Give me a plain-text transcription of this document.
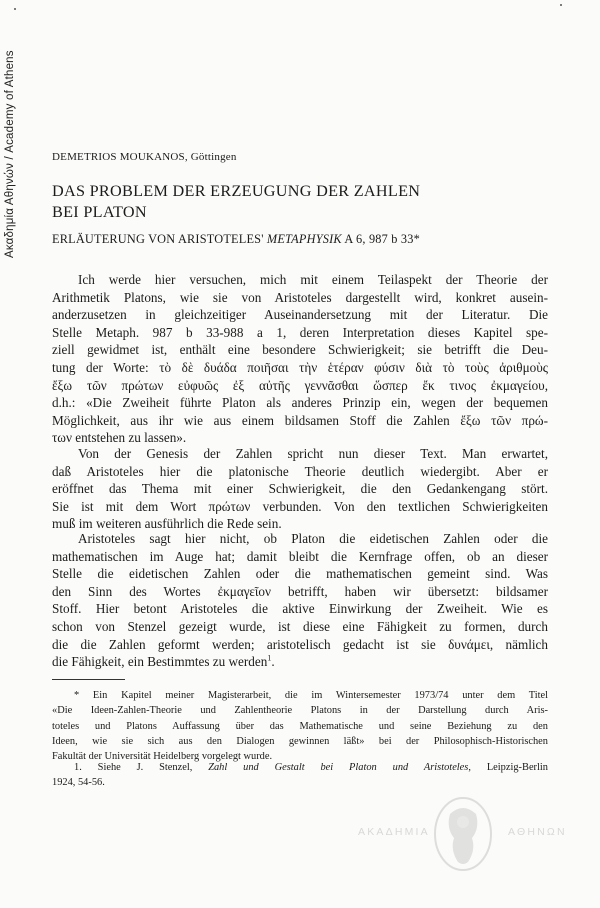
Ακαδημία Αθηνών / Academy of Athens	DEMETRIOS MOUKANOS, Göttingen
DAS PROBLEM DER ERZEUGUNG DER ZAHLEN
BEI PLATON
ERLÄUTERUNG VON ARISTOTELES' METAPHYSIK A 6, 987 b 33*
Ich werde hier versuchen, mich mit einem Teilaspekt der Theorie der
Arithmetik Platons, wie sie von Aristoteles dargestellt wird, konkret ausein-
anderzusetzen in gleichzeitiger Auseinandersetzung mit der Literatur. Die
Stelle Metaph. 987 b 33-988 a 1, deren Interpretation dieses Kapitel spe-
ziell gewidmet ist, enthält eine besondere Schwierigkeit; sie betrifft die Deu-
tung der Worte: τὸ δὲ δυάδα ποιῆσαι τὴν ἑτέραν φύσιν διὰ τὸ τοὺς ἀριθμοὺς
ἔξω τῶν πρώτων εὐφυῶς ἐξ αὐτῆς γεννᾶσθαι ὥσπερ ἔκ τινος ἐκμαγείου,
d.h.: «Die Zweiheit führte Platon als anderes Prinzip ein, wegen der bequemen
Möglichkeit, aus ihr wie aus einem bildsamen Stoff die Zahlen ἔξω τῶν πρώ-
των entstehen zu lassen».
Von der Genesis der Zahlen spricht nun dieser Text. Man erwartet,
daß Aristoteles hier die platonische Theorie deutlich wiedergibt. Aber er
eröffnet das Thema mit einer Schwierigkeit, die den Gedankengang stört.
Sie ist mit dem Wort πρώτων verbunden. Von den textlichen Schwierigkeiten
muß im weiteren ausführlich die Rede sein.
Aristoteles sagt hier nicht, ob Platon die eidetischen Zahlen oder die
mathematischen im Auge hat; damit bleibt die Kernfrage offen, ob an dieser
Stelle die eidetischen Zahlen oder die mathematischen gemeint sind. Was
den Sinn des Wortes ἐκμαγεῖον betrifft, haben wir übersetzt: bildsamer
Stoff. Hier betont Aristoteles die aktive Einwirkung der Zweiheit. Wie es
schon von Stenzel gezeigt wurde, ist diese eine Fähigkeit zu formen, durch
die die Zahlen geformt werden; aristotelisch gedacht ist sie δυνάμει, nämlich
die Fähigkeit, ein Bestimmtes zu werden$^1$.
* Ein Kapitel meiner Magisterarbeit, die im Wintersemester 1973/74 unter dem Titel
«Die Ideen-Zahlen-Theorie und Zahlentheorie Platons in der Darstellung durch Aris-
toteles und Platons Auffassung über das Mathematische und seine Beziehung zu den
Ideen, wie sie sich aus den Dialogen gewinnen läßt» bei der Philosophisch-Historischen
Fakultät der Universität Heidelberg vorgelegt wurde.
1. Siehe J. Stenzel, Zahl und Gestalt bei Platon und Aristoteles, Leipzig-Berlin
1924, 54-56.
ΑΚΑΔΗΜΙΑ	ΑΘΗΝΩΝ
